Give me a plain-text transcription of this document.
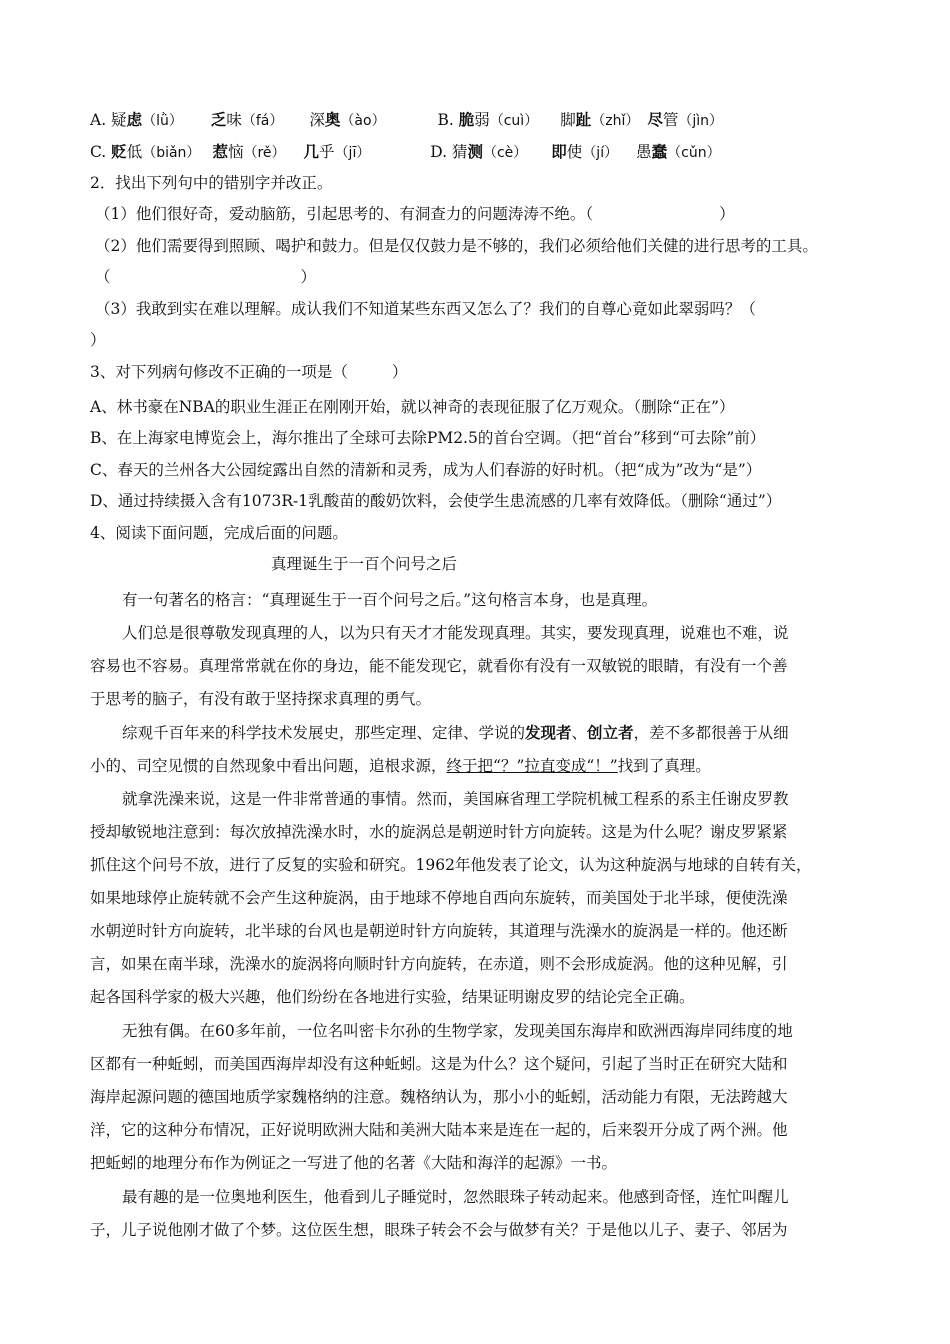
A. 疑虑（lǜ） 乏味（fá） 深奥（ào）	B. 脆弱（cuì） 脚趾（zhǐ） 尽管（jìn）
C. 贬低（biǎn） 惹恼（rě） 几乎（jī）	D. 猜测（cè） 即使（jí） 愚蠢（cǔn）
2．找出下列句中的错别字并改正。
（1）他们很好奇，爱动脑筋，引起思考的、有洞查力的问题涛涛不绝。（	）
（2）他们需要得到照顾、喝护和鼓力。但是仅仅鼓力是不够的，我们必须给他们关健的进行思考的工具。
（	）
（3）我敢到实在难以理解。成认我们不知道某些东西又怎么了？我们的自尊心竟如此翠弱吗？（
）
3、对下列病句修改不正确的一项是（	）
A、林书豪在NBA的职业生涯正在刚刚开始，就以神奇的表现征服了亿万观众。（删除“正在”）
B、在上海家电博览会上，海尔推出了全球可去除PM2.5的首台空调。（把“首台”移到“可去除”前）
C、春天的兰州各大公园绽露出自然的清新和灵秀，成为人们春游的好时机。（把“成为”改为“是”）
D、通过持续摄入含有1073R-1乳酸苗的酸奶饮料，会使学生患流感的几率有效降低。（删除“通过”）
4、阅读下面问题，完成后面的问题。
真理诞生于一百个问号之后
有一句著名的格言：“真理诞生于一百个问号之后。”这句格言本身，也是真理。
人们总是很尊敬发现真理的人，以为只有天才才能发现真理。其实，要发现真理，说难也不难，说
容易也不容易。真理常常就在你的身边，能不能发现它，就看你有没有一双敏锐的眼睛，有没有一个善
于思考的脑子，有没有敢于坚持探求真理的勇气。
综观千百年来的科学技术发展史，那些定理、定律、学说的发现者、创立者，差不多都很善于从细
小的、司空见惯的自然现象中看出问题，追根求源，终于把“？”拉直变成“！”找到了真理。
就拿洗澡来说，这是一件非常普通的事情。然而，美国麻省理工学院机械工程系的系主任谢皮罗教
授却敏锐地注意到：每次放掉洗澡水时，水的旋涡总是朝逆时针方向旋转。这是为什么呢？谢皮罗紧紧
抓住这个问号不放，进行了反复的实验和研究。1962年他发表了论文，认为这种旋涡与地球的自转有关，
如果地球停止旋转就不会产生这种旋涡，由于地球不停地自西向东旋转，而美国处于北半球，便使洗澡
水朝逆时针方向旋转，北半球的台风也是朝逆时针方向旋转，其道理与洗澡水的旋涡是一样的。他还断
言，如果在南半球，洗澡水的旋涡将向顺时针方向旋转，在赤道，则不会形成旋涡。他的这种见解，引
起各国科学家的极大兴趣，他们纷纷在各地进行实验，结果证明谢皮罗的结论完全正确。
无独有偶。在60多年前，一位名叫密卡尔孙的生物学家，发现美国东海岸和欧洲西海岸同纬度的地
区都有一种蚯蚓，而美国西海岸却没有这种蚯蚓。这是为什么？这个疑问，引起了当时正在研究大陆和
海岸起源问题的德国地质学家魏格纳的注意。魏格纳认为，那小小的蚯蚓，活动能力有限，无法跨越大
洋，它的这种分布情况，正好说明欧洲大陆和美洲大陆本来是连在一起的，后来裂开分成了两个洲。他
把蚯蚓的地理分布作为例证之一写进了他的名著《大陆和海洋的起源》一书。
最有趣的是一位奥地利医生，他看到儿子睡觉时，忽然眼珠子转动起来。他感到奇怪，连忙叫醒儿
子，儿子说他刚才做了个梦。这位医生想，眼珠子转会不会与做梦有关？于是他以儿子、妻子、邻居为
